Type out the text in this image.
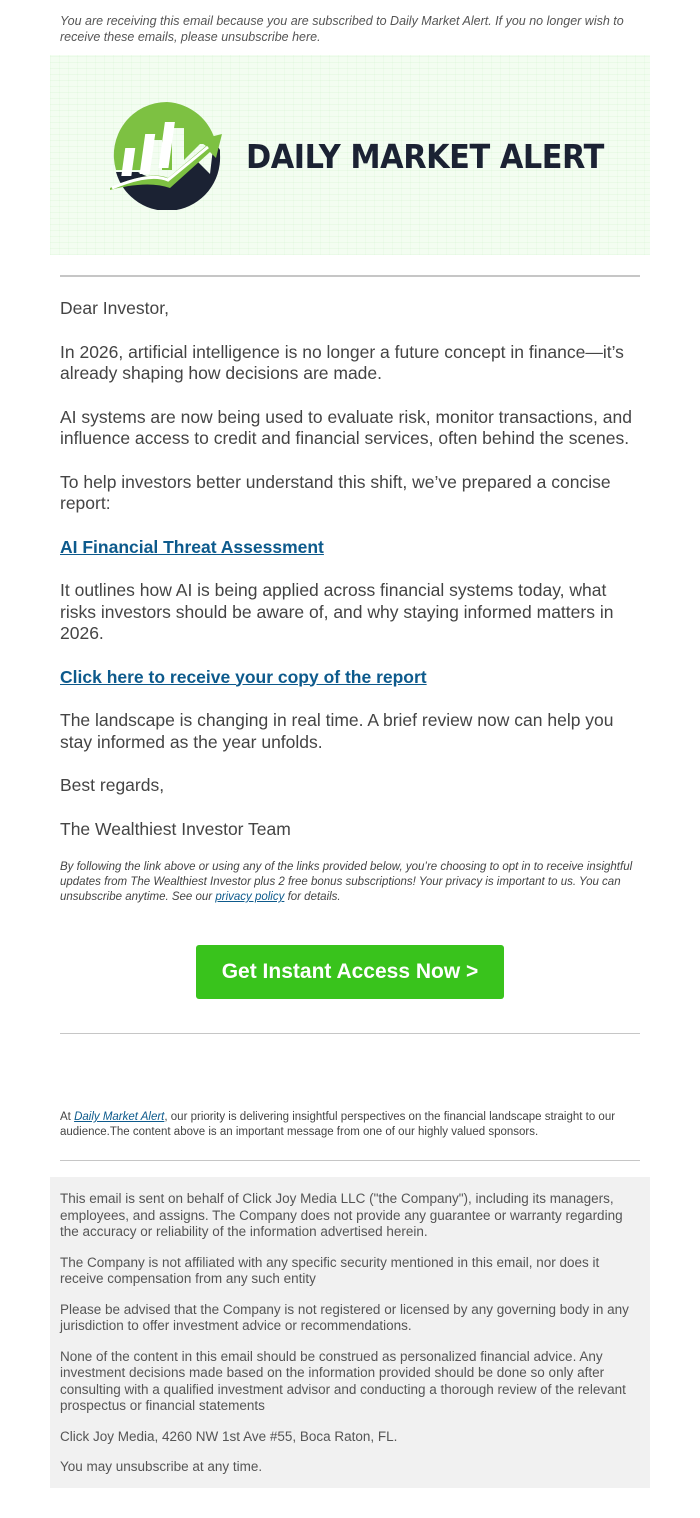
You are receiving this email because you are subscribed to Daily Market Alert. If you no longer wish to receive these emails, please unsubscribe here.
DAILY MARKET ALERT

Dear Investor,

In 2026, artificial intelligence is no longer a future concept in finance—it’s already shaping how decisions are made.

AI systems are now being used to evaluate risk, monitor transactions, and influence access to credit and financial services, often behind the scenes.

To help investors better understand this shift, we’ve prepared a concise report:

AI Financial Threat Assessment

It outlines how AI is being applied across financial systems today, what risks investors should be aware of, and why staying informed matters in 2026.

Click here to receive your copy of the report

The landscape is changing in real time. A brief review now can help you stay informed as the year unfolds.

Best regards,

The Wealthiest Investor Team

By following the link above or using any of the links provided below, you’re choosing to opt in to receive insightful updates from The Wealthiest Investor plus 2 free bonus subscriptions! Your privacy is important to us. You can unsubscribe anytime. See our privacy policy for details.
Get Instant Access Now >
At Daily Market Alert, our priority is delivering insightful perspectives on the financial landscape straight to our audience.The content above is an important message from one of our highly valued sponsors.

This email is sent on behalf of Click Joy Media LLC ("the Company"), including its managers, employees, and assigns. The Company does not provide any guarantee or warranty regarding the accuracy or reliability of the information advertised herein.

The Company is not affiliated with any specific security mentioned in this email, nor does it receive compensation from any such entity

Please be advised that the Company is not registered or licensed by any governing body in any jurisdiction to offer investment advice or recommendations.

None of the content in this email should be construed as personalized financial advice. Any investment decisions made based on the information provided should be done so only after consulting with a qualified investment advisor and conducting a thorough review of the relevant prospectus or financial statements

Click Joy Media, 4260 NW 1st Ave #55, Boca Raton, FL.

You may unsubscribe at any time.
